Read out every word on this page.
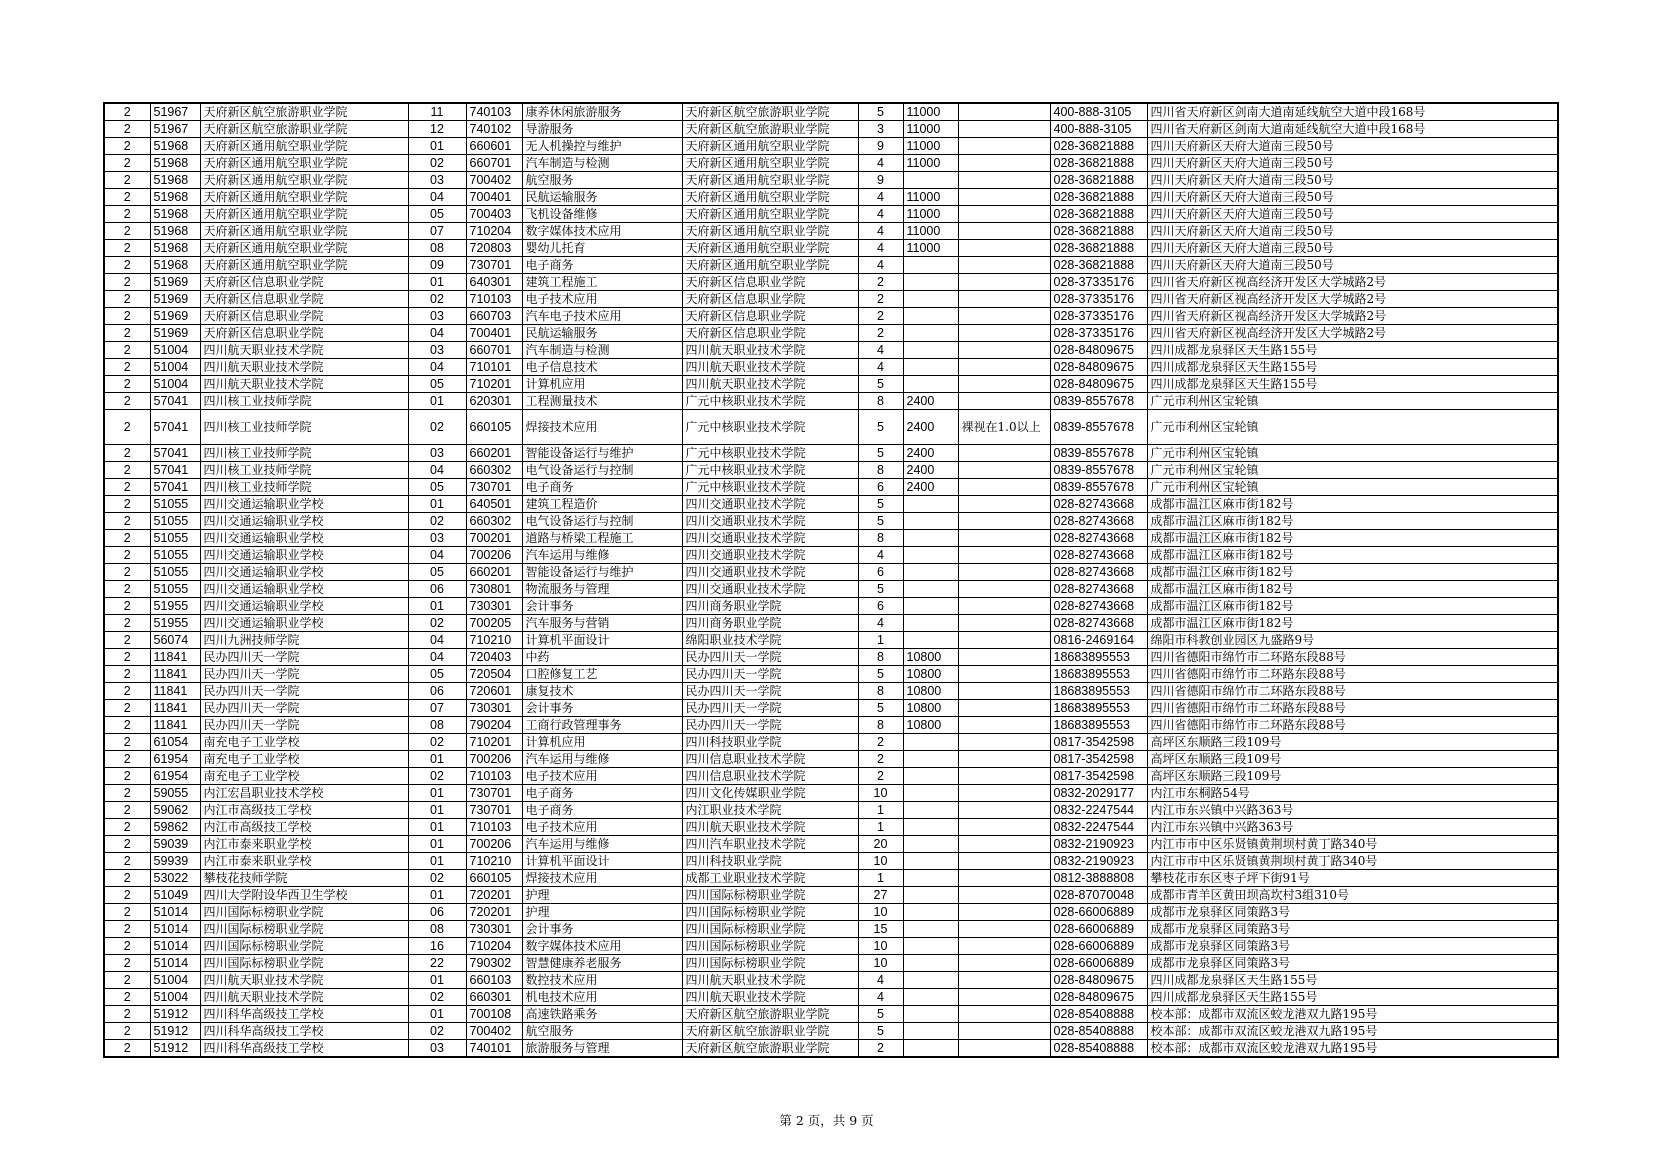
2	51967	天府新区航空旅游职业学院	11	740103	康养休闲旅游服务	天府新区航空旅游职业学院	5	11000		400-888-3105	四川省天府新区剑南大道南延线航空大道中段168号
2	51967	天府新区航空旅游职业学院	12	740102	导游服务	天府新区航空旅游职业学院	3	11000		400-888-3105	四川省天府新区剑南大道南延线航空大道中段168号
2	51968	天府新区通用航空职业学院	01	660601	无人机操控与维护	天府新区通用航空职业学院	9	11000		028-36821888	四川天府新区天府大道南三段50号
2	51968	天府新区通用航空职业学院	02	660701	汽车制造与检测	天府新区通用航空职业学院	4	11000		028-36821888	四川天府新区天府大道南三段50号
2	51968	天府新区通用航空职业学院	03	700402	航空服务	天府新区通用航空职业学院	9			028-36821888	四川天府新区天府大道南三段50号
2	51968	天府新区通用航空职业学院	04	700401	民航运输服务	天府新区通用航空职业学院	4	11000		028-36821888	四川天府新区天府大道南三段50号
2	51968	天府新区通用航空职业学院	05	700403	飞机设备维修	天府新区通用航空职业学院	4	11000		028-36821888	四川天府新区天府大道南三段50号
2	51968	天府新区通用航空职业学院	07	710204	数字媒体技术应用	天府新区通用航空职业学院	4	11000		028-36821888	四川天府新区天府大道南三段50号
2	51968	天府新区通用航空职业学院	08	720803	婴幼儿托育	天府新区通用航空职业学院	4	11000		028-36821888	四川天府新区天府大道南三段50号
2	51968	天府新区通用航空职业学院	09	730701	电子商务	天府新区通用航空职业学院	4			028-36821888	四川天府新区天府大道南三段50号
2	51969	天府新区信息职业学院	01	640301	建筑工程施工	天府新区信息职业学院	2			028-37335176	四川省天府新区视高经济开发区大学城路2号
2	51969	天府新区信息职业学院	02	710103	电子技术应用	天府新区信息职业学院	2			028-37335176	四川省天府新区视高经济开发区大学城路2号
2	51969	天府新区信息职业学院	03	660703	汽车电子技术应用	天府新区信息职业学院	2			028-37335176	四川省天府新区视高经济开发区大学城路2号
2	51969	天府新区信息职业学院	04	700401	民航运输服务	天府新区信息职业学院	2			028-37335176	四川省天府新区视高经济开发区大学城路2号
2	51004	四川航天职业技术学院	03	660701	汽车制造与检测	四川航天职业技术学院	4			028-84809675	四川成都龙泉驿区天生路155号
2	51004	四川航天职业技术学院	04	710101	电子信息技术	四川航天职业技术学院	4			028-84809675	四川成都龙泉驿区天生路155号
2	51004	四川航天职业技术学院	05	710201	计算机应用	四川航天职业技术学院	5			028-84809675	四川成都龙泉驿区天生路155号
2	57041	四川核工业技师学院	01	620301	工程测量技术	广元中核职业技术学院	8	2400		0839-8557678	广元市利州区宝轮镇
2	57041	四川核工业技师学院	02	660105	焊接技术应用	广元中核职业技术学院	5	2400	裸视在1.0以上	0839-8557678	广元市利州区宝轮镇
2	57041	四川核工业技师学院	03	660201	智能设备运行与维护	广元中核职业技术学院	5	2400		0839-8557678	广元市利州区宝轮镇
2	57041	四川核工业技师学院	04	660302	电气设备运行与控制	广元中核职业技术学院	8	2400		0839-8557678	广元市利州区宝轮镇
2	57041	四川核工业技师学院	05	730701	电子商务	广元中核职业技术学院	6	2400		0839-8557678	广元市利州区宝轮镇
2	51055	四川交通运输职业学校	01	640501	建筑工程造价	四川交通职业技术学院	5			028-82743668	成都市温江区麻市街182号
2	51055	四川交通运输职业学校	02	660302	电气设备运行与控制	四川交通职业技术学院	5			028-82743668	成都市温江区麻市街182号
2	51055	四川交通运输职业学校	03	700201	道路与桥梁工程施工	四川交通职业技术学院	8			028-82743668	成都市温江区麻市街182号
2	51055	四川交通运输职业学校	04	700206	汽车运用与维修	四川交通职业技术学院	4			028-82743668	成都市温江区麻市街182号
2	51055	四川交通运输职业学校	05	660201	智能设备运行与维护	四川交通职业技术学院	6			028-82743668	成都市温江区麻市街182号
2	51055	四川交通运输职业学校	06	730801	物流服务与管理	四川交通职业技术学院	5			028-82743668	成都市温江区麻市街182号
2	51955	四川交通运输职业学校	01	730301	会计事务	四川商务职业学院	6			028-82743668	成都市温江区麻市街182号
2	51955	四川交通运输职业学校	02	700205	汽车服务与营销	四川商务职业学院	4			028-82743668	成都市温江区麻市街182号
2	56074	四川九洲技师学院	04	710210	计算机平面设计	绵阳职业技术学院	1			0816-2469164	绵阳市科教创业园区九盛路9号
2	11841	民办四川天一学院	04	720403	中药	民办四川天一学院	8	10800		18683895553	四川省德阳市绵竹市二环路东段88号
2	11841	民办四川天一学院	05	720504	口腔修复工艺	民办四川天一学院	5	10800		18683895553	四川省德阳市绵竹市二环路东段88号
2	11841	民办四川天一学院	06	720601	康复技术	民办四川天一学院	8	10800		18683895553	四川省德阳市绵竹市二环路东段88号
2	11841	民办四川天一学院	07	730301	会计事务	民办四川天一学院	5	10800		18683895553	四川省德阳市绵竹市二环路东段88号
2	11841	民办四川天一学院	08	790204	工商行政管理事务	民办四川天一学院	8	10800		18683895553	四川省德阳市绵竹市二环路东段88号
2	61054	南充电子工业学校	02	710201	计算机应用	四川科技职业学院	2			0817-3542598	高坪区东顺路三段109号
2	61954	南充电子工业学校	01	700206	汽车运用与维修	四川信息职业技术学院	2			0817-3542598	高坪区东顺路三段109号
2	61954	南充电子工业学校	02	710103	电子技术应用	四川信息职业技术学院	2			0817-3542598	高坪区东顺路三段109号
2	59055	内江宏昌职业技术学校	01	730701	电子商务	四川文化传媒职业学院	10			0832-2029177	内江市东桐路54号
2	59062	内江市高级技工学校	01	730701	电子商务	内江职业技术学院	1			0832-2247544	内江市东兴镇中兴路363号
2	59862	内江市高级技工学校	01	710103	电子技术应用	四川航天职业技术学院	1			0832-2247544	内江市东兴镇中兴路363号
2	59039	内江市泰来职业学校	01	700206	汽车运用与维修	四川汽车职业技术学院	20			0832-2190923	内江市市中区乐贤镇黄荆坝村黄丁路340号
2	59939	内江市泰来职业学校	01	710210	计算机平面设计	四川科技职业学院	10			0832-2190923	内江市市中区乐贤镇黄荆坝村黄丁路340号
2	53022	攀枝花技师学院	02	660105	焊接技术应用	成都工业职业技术学院	1			0812-3888808	攀枝花市东区枣子坪下街91号
2	51049	四川大学附设华西卫生学校	01	720201	护理	四川国际标榜职业学院	27			028-87070048	成都市青羊区黄田坝高坎村3组310号
2	51014	四川国际标榜职业学院	06	720201	护理	四川国际标榜职业学院	10			028-66006889	成都市龙泉驿区同策路3号
2	51014	四川国际标榜职业学院	08	730301	会计事务	四川国际标榜职业学院	15			028-66006889	成都市龙泉驿区同策路3号
2	51014	四川国际标榜职业学院	16	710204	数字媒体技术应用	四川国际标榜职业学院	10			028-66006889	成都市龙泉驿区同策路3号
2	51014	四川国际标榜职业学院	22	790302	智慧健康养老服务	四川国际标榜职业学院	10			028-66006889	成都市龙泉驿区同策路3号
2	51004	四川航天职业技术学院	01	660103	数控技术应用	四川航天职业技术学院	4			028-84809675	四川成都龙泉驿区天生路155号
2	51004	四川航天职业技术学院	02	660301	机电技术应用	四川航天职业技术学院	4			028-84809675	四川成都龙泉驿区天生路155号
2	51912	四川科华高级技工学校	01	700108	高速铁路乘务	天府新区航空旅游职业学院	5			028-85408888	校本部：成都市双流区蛟龙港双九路195号
2	51912	四川科华高级技工学校	02	700402	航空服务	天府新区航空旅游职业学院	5			028-85408888	校本部：成都市双流区蛟龙港双九路195号
2	51912	四川科华高级技工学校	03	740101	旅游服务与管理	天府新区航空旅游职业学院	2			028-85408888	校本部：成都市双流区蛟龙港双九路195号
第 2 页，共 9 页
